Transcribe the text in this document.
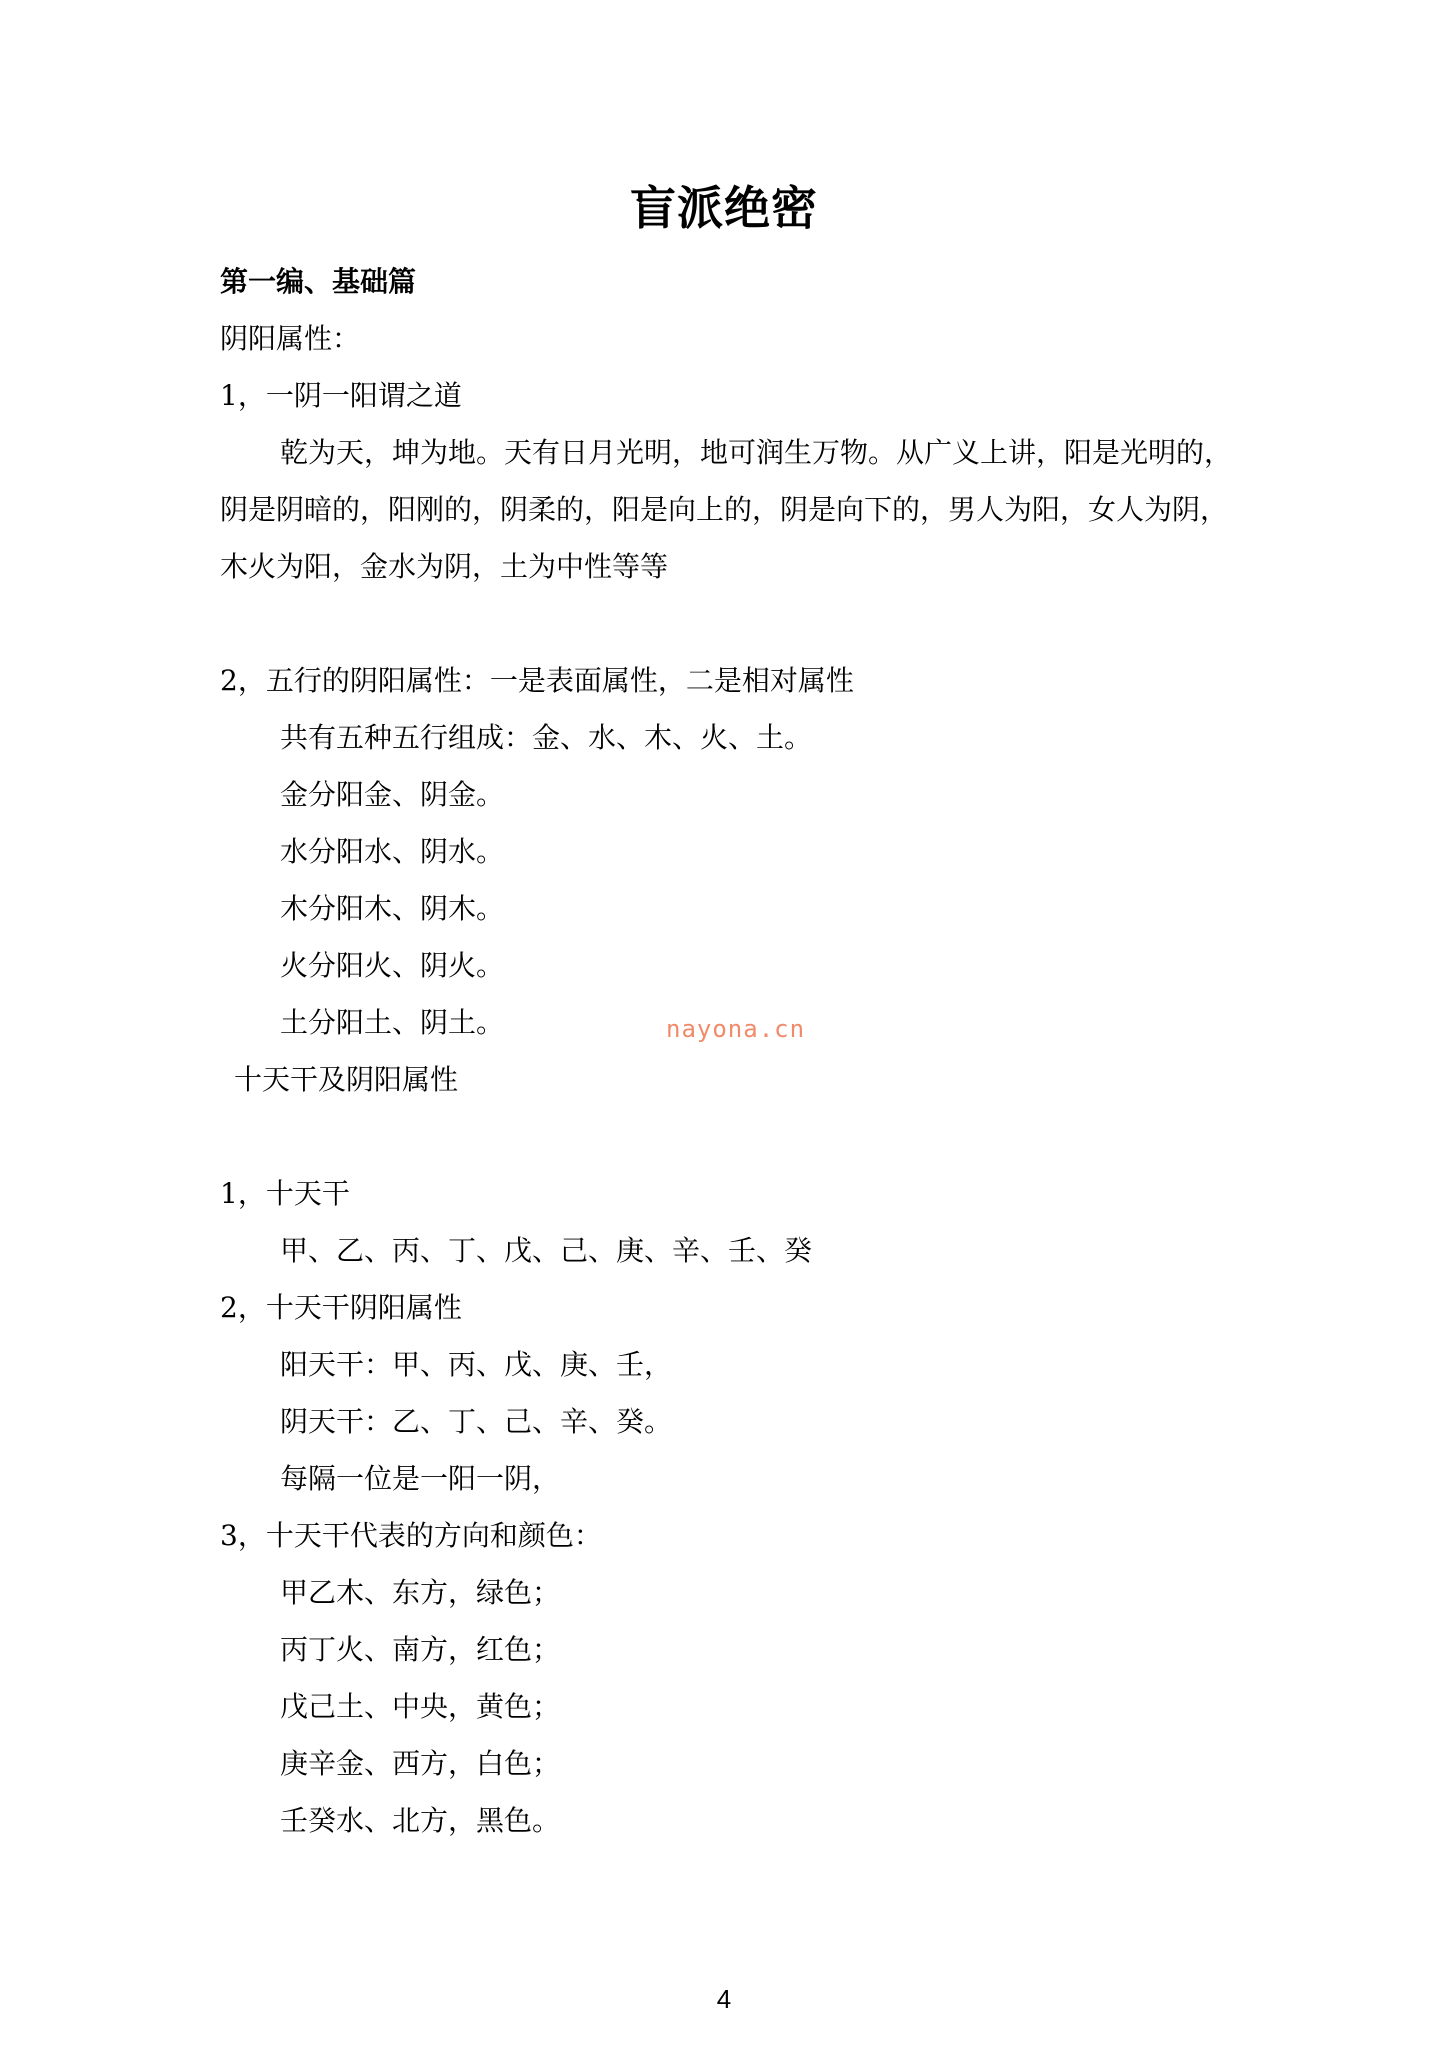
盲派绝密
第一编、基础篇
阴阳属性：
1，一阴一阳谓之道
乾为天，坤为地。天有日月光明，地可润生万物。从广义上讲，阳是光明的，
阴是阴暗的，阳刚的，阴柔的，阳是向上的，阴是向下的，男人为阳，女人为阴，
木火为阳，金水为阴，土为中性等等
2，五行的阴阳属性：一是表面属性，二是相对属性
共有五种五行组成：金、水、木、火、土。
金分阳金、阴金。
水分阳水、阴水。
木分阳木、阴木。
火分阳火、阴火。
土分阳土、阴土。
十天干及阴阳属性
1，十天干
甲、乙、丙、丁、戊、己、庚、辛、壬、癸
2，十天干阴阳属性
阳天干：甲、丙、戊、庚、壬，
阴天干：乙、丁、己、辛、癸。
每隔一位是一阳一阴，
3，十天干代表的方向和颜色：
甲乙木、东方，绿色；
丙丁火、南方，红色；
戊己土、中央，黄色；
庚辛金、西方，白色；
壬癸水、北方，黑色。
nayona.cn
4
